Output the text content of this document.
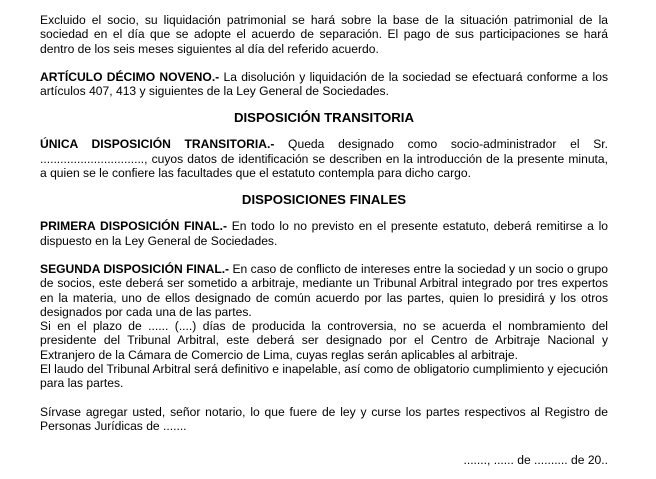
Excluido el socio, su liquidación patrimonial se hará sobre la base de la situación patrimonial de la sociedad en el día que se adopte el acuerdo de separación. El pago de sus participaciones se hará dentro de los seis meses siguientes al día del referido acuerdo.

ARTÍCULO DÉCIMO NOVENO.- La disolución y liquidación de la sociedad se efectuará conforme a los artículos 407, 413 y siguientes de la Ley General de Sociedades.

DISPOSICIÓN TRANSITORIA

ÚNICA DISPOSICIÓN TRANSITORIA.- Queda designado como socio-administrador el Sr. ..............................., cuyos datos de identificación se describen en la introducción de la presente minuta, a quien se le confiere las facultades que el estatuto contempla para dicho cargo.

DISPOSICIONES FINALES

PRIMERA DISPOSICIÓN FINAL.- En todo lo no previsto en el presente estatuto, deberá remitirse a lo dispuesto en la Ley General de Sociedades.

SEGUNDA DISPOSICIÓN FINAL.- En caso de conflicto de intereses entre la sociedad y un socio o grupo de socios, este deberá ser sometido a arbitraje, mediante un Tribunal Arbitral integrado por tres expertos en la materia, uno de ellos designado de común acuerdo por las partes, quien lo presidirá y los otros designados por cada una de las partes.

Si en el plazo de ...... (....) días de producida la controversia, no se acuerda el nombramiento del presidente del Tribunal Arbitral, este deberá ser designado por el Centro de Arbitraje Nacional y Extranjero de la Cámara de Comercio de Lima, cuyas reglas serán aplicables al arbitraje.

El laudo del Tribunal Arbitral será definitivo e inapelable, así como de obligatorio cumplimiento y ejecución para las partes.

Sírvase agregar usted, señor notario, lo que fuere de ley y curse los partes respectivos al Registro de Personas Jurídicas de .......

......., ...... de .......... de 20..
